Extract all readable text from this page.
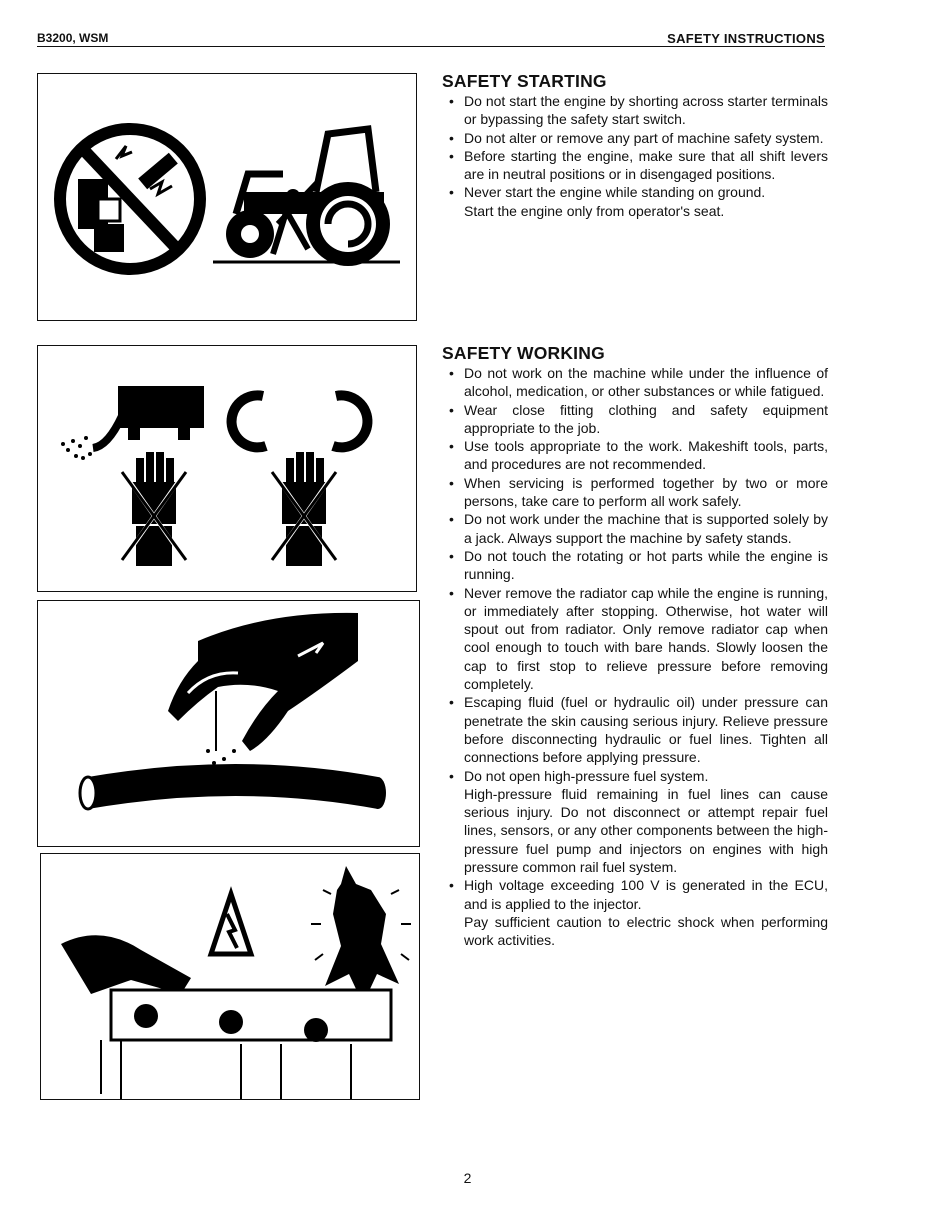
B3200, WSM	SAFETY INSTRUCTIONS
SAFETY STARTING
• Do not start the engine by shorting across starter terminals or bypassing the safety start switch.
• Do not alter or remove any part of machine safety system.
• Before starting the engine, make sure that all shift levers are in neutral positions or in disengaged positions.
• Never start the engine while standing on ground.
Start the engine only from operator's seat.
SAFETY WORKING
• Do not work on the machine while under the influence of alcohol, medication, or other substances or while fatigued.
• Wear close fitting clothing and safety equipment appropriate to the job.
• Use tools appropriate to the work. Makeshift tools, parts, and procedures are not recommended.
• When servicing is performed together by two or more persons, take care to perform all work safely.
• Do not work under the machine that is supported solely by a jack. Always support the machine by safety stands.
• Do not touch the rotating or hot parts while the engine is running.
• Never remove the radiator cap while the engine is running, or immediately after stopping. Otherwise, hot water will spout out from radiator. Only remove radiator cap when cool enough to touch with bare hands. Slowly loosen the cap to first stop to relieve pressure before removing completely.
• Escaping fluid (fuel or hydraulic oil) under pressure can penetrate the skin causing serious injury. Relieve pressure before disconnecting hydraulic or fuel lines. Tighten all connections before applying pressure.
• Do not open high-pressure fuel system.
High-pressure fluid remaining in fuel lines can cause serious injury. Do not disconnect or attempt repair fuel lines, sensors, or any other components between the high-pressure fuel pump and injectors on engines with high pressure common rail fuel system.
• High voltage exceeding 100 V is generated in the ECU, and is applied to the injector.
Pay sufficient caution to electric shock when performing work activities.
2
